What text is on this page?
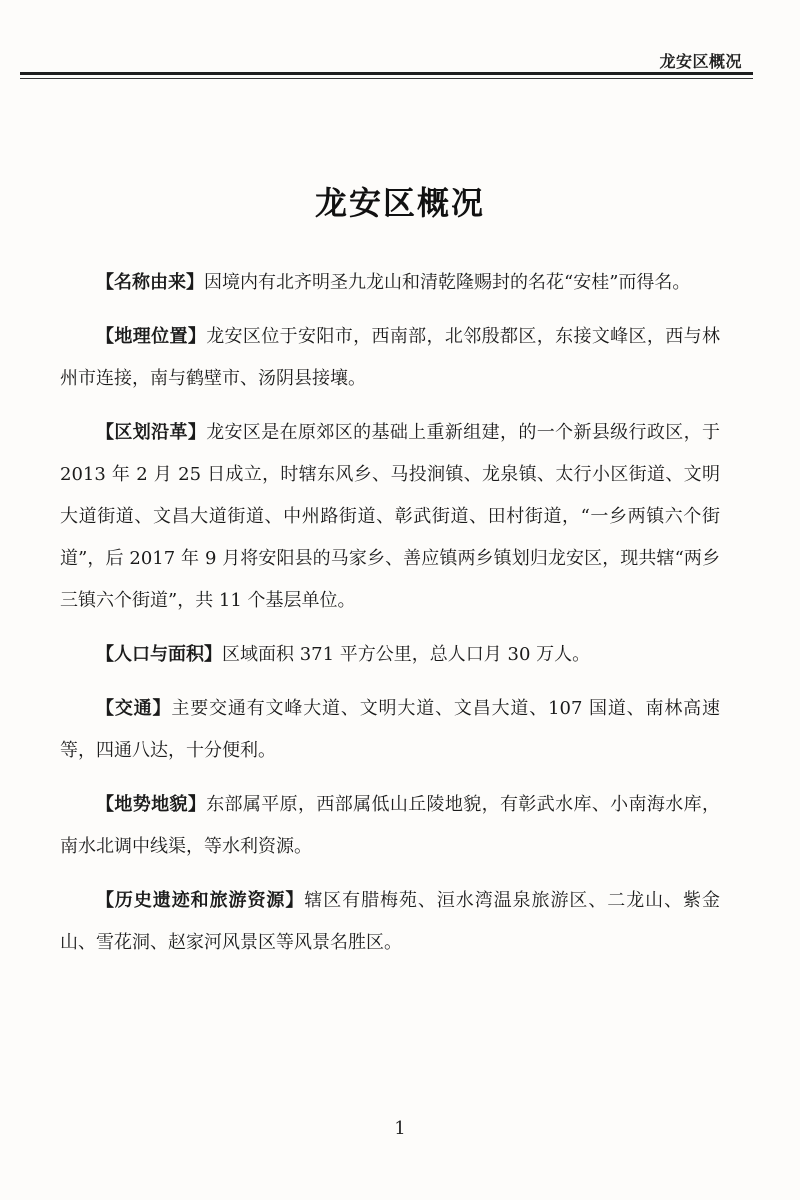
龙安区概况
龙安区概况

【名称由来】因境内有北齐明圣九龙山和清乾隆赐封的名花“安桂”而得名。

【地理位置】龙安区位于安阳市，西南部，北邻殷都区，东接文峰区，西与林州市连接，南与鹤壁市、汤阴县接壤。

【区划沿革】龙安区是在原郊区的基础上重新组建，的一个新县级行政区，于 2013 年 2 月 25 日成立，时辖东风乡、马投涧镇、龙泉镇、太行小区街道、文明大道街道、文昌大道街道、中州路街道、彰武街道、田村街道，“一乡两镇六个街道”，后 2017 年 9 月将安阳县的马家乡、善应镇两乡镇划归龙安区，现共辖“两乡三镇六个街道”，共 11 个基层单位。

【人口与面积】区域面积 371 平方公里，总人口月 30 万人。

【交通】主要交通有文峰大道、文明大道、文昌大道、107 国道、南林高速等，四通八达，十分便利。

【地势地貌】东部属平原，西部属低山丘陵地貌，有彰武水库、小南海水库，南水北调中线渠，等水利资源。

【历史遗迹和旅游资源】辖区有腊梅苑、洹水湾温泉旅游区、二龙山、紫金山、雪花洞、赵家河风景区等风景名胜区。

1
